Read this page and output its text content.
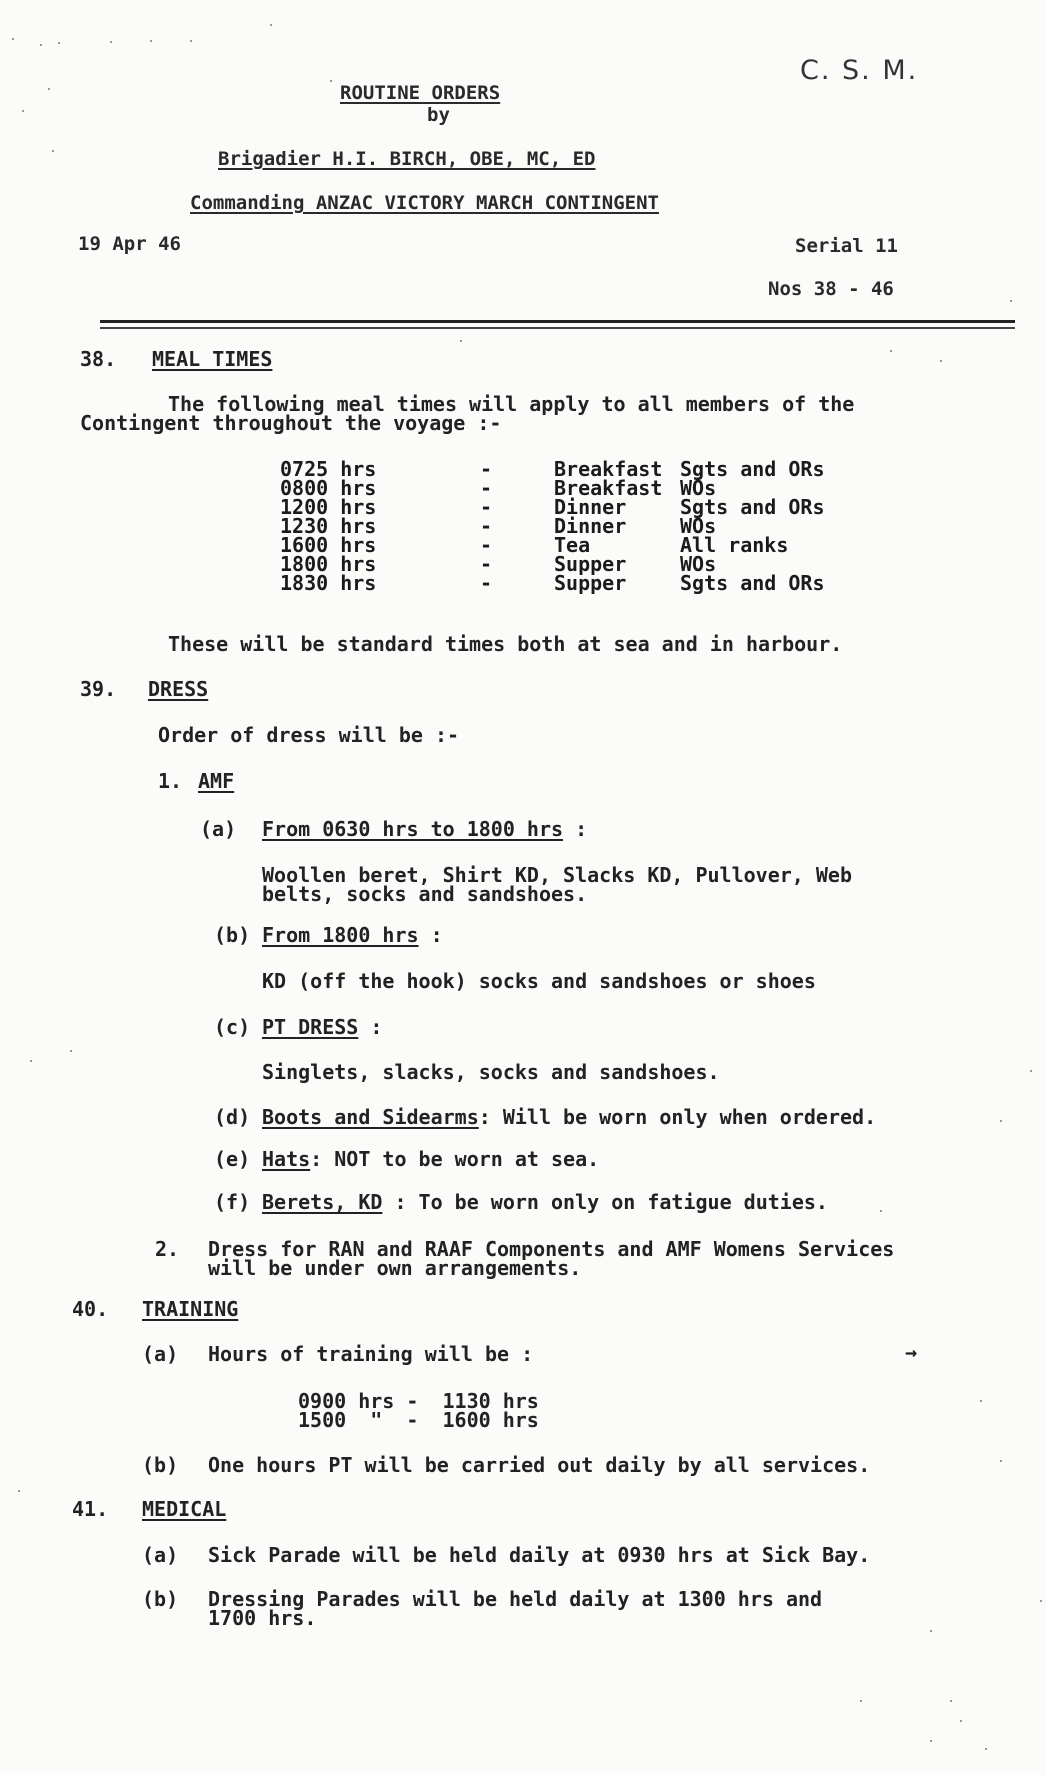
C. S. M.
ROUTINE ORDERS
by
Brigadier H.I. BIRCH, OBE, MC, ED
Commanding ANZAC VICTORY MARCH CONTINGENT
19 Apr 46	Serial 11
Nos 38 - 46
38. MEAL TIMES
The following meal times will apply to all members of the
Contingent throughout the voyage :-
0725 hrs	-	Breakfast	Sgts and ORs
0800 hrs	-	Breakfast	WOs
1200 hrs	-	Dinner	Sgts and ORs
1230 hrs	-	Dinner	WOs
1600 hrs	-	Tea	All ranks
1800 hrs	-	Supper	WOs
1830 hrs	-	Supper	Sgts and ORs
These will be standard times both at sea and in harbour.
39. DRESS
Order of dress will be :-
1. AMF
(a) From 0630 hrs to 1800 hrs :
Woollen beret, Shirt KD, Slacks KD, Pullover, Web
belts, socks and sandshoes.
(b) From 1800 hrs :
KD (off the hook) socks and sandshoes or shoes
(c) PT DRESS :
Singlets, slacks, socks and sandshoes.
(d) Boots and Sidearms: Will be worn only when ordered.
(e) Hats: NOT to be worn at sea.
(f) Berets, KD : To be worn only on fatigue duties.
2. Dress for RAN and RAAF Components and AMF Womens Services
will be under own arrangements.
40. TRAINING
(a) Hours of training will be :	→
0900 hrs -  1130 hrs
1500  "  -  1600 hrs
(b) One hours PT will be carried out daily by all services.
41. MEDICAL
(a) Sick Parade will be held daily at 0930 hrs at Sick Bay.
(b) Dressing Parades will be held daily at 1300 hrs and
1700 hrs.
